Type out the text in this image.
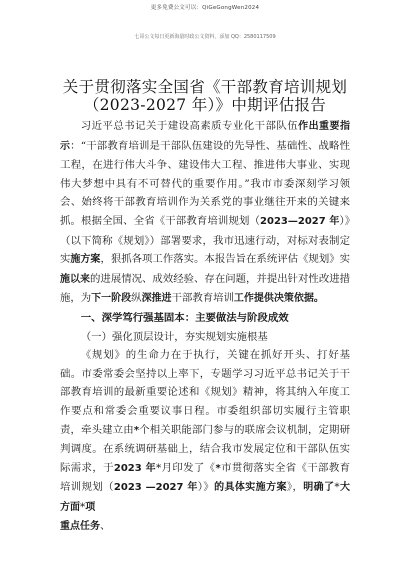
更多免费公文可以：QiGeGongWen2024
七哥公文每日更新海量时政公文资料，添加 QQ：2580117509
关于贯彻落实全国省《干部教育培训规划（2023-2027 年）》中期评估报告

习近平总书记关于建设高素质专业化干部队伍作出重要指示：“干部教育培训是干部队伍建设的先导性、基础性、战略性工程，在进行伟大斗争、建设伟大工程、推进伟大事业、实现伟大梦想中具有不可替代的重要作用。”我市市委深刻学习领会、始终将干部教育培训作为关系党的事业继往开来的关键来抓。根据全国、全省《干部教育培训规划（2023—2027 年）》（以下简称《规划》）部署要求，我市迅速行动，对标对表制定实施方案，狠抓各项工作落实。本报告旨在系统评估《规划》实施以来的进展情况、成效经验、存在问题，并提出针对性改进措施，为下一阶段纵深推进干部教育培训工作提供决策依据。

一、深学笃行强基固本：主要做法与阶段成效

（一）强化顶层设计，夯实规划实施根基

《规划》的生命力在于执行，关键在抓好开头、打好基础。市委常委会坚持以上率下，专题学习习近平总书记关于干部教育培训的最新重要论述和《规划》精神，将其纳入年度工作要点和常委会重要议事日程。市委组织部切实履行主管职责，牵头建立由*个相关职能部门参与的联席会议机制，定期研判调度。在系统调研基础上，结合我市发展定位和干部队伍实际需求，于2023 年*月印发了《*市贯彻落实全省《干部教育培训规划（2023 —2027 年）》的具体实施方案》，明确了*大方面*项
重点任务、
